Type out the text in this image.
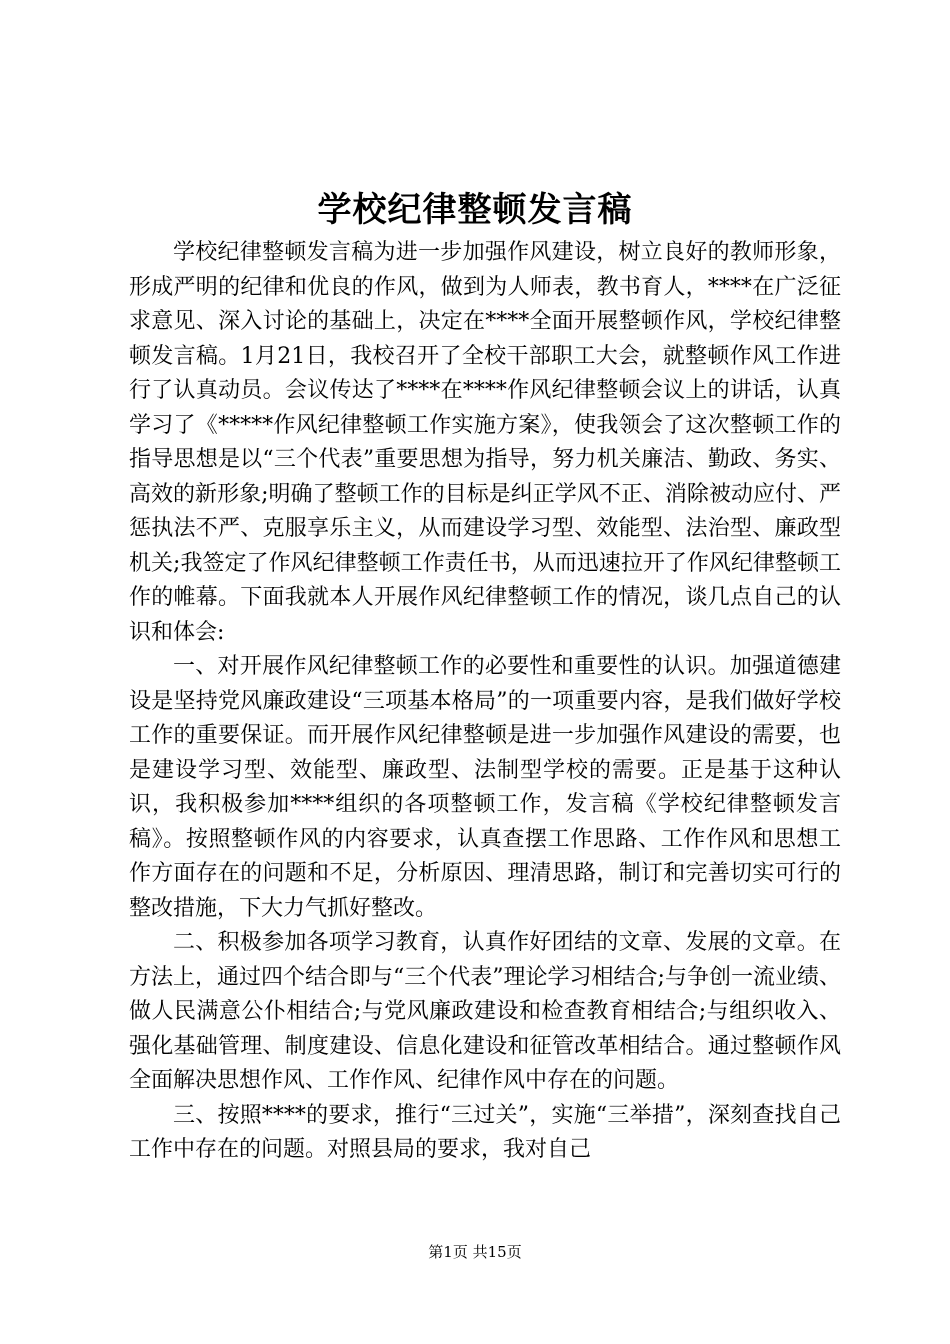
学校纪律整顿发言稿

学校纪律整顿发言稿为进一步加强作风建设，树立良好的教师形象，形成严明的纪律和优良的作风，做到为人师表，教书育人，****在广泛征求意见、深入讨论的基础上，决定在****全面开展整顿作风，学校纪律整顿发言稿。1月21日，我校召开了全校干部职工大会，就整顿作风工作进行了认真动员。会议传达了****在****作风纪律整顿会议上的讲话，认真学习了《*****作风纪律整顿工作实施方案》，使我领会了这次整顿工作的指导思想是以“三个代表”重要思想为指导，努力机关廉洁、勤政、务实、高效的新形象;明确了整顿工作的目标是纠正学风不正、消除被动应付、严惩执法不严、克服享乐主义，从而建设学习型、效能型、法治型、廉政型机关;我签定了作风纪律整顿工作责任书，从而迅速拉开了作风纪律整顿工作的帷幕。下面我就本人开展作风纪律整顿工作的情况，谈几点自己的认识和体会:

一、对开展作风纪律整顿工作的必要性和重要性的认识。加强道德建设是坚持党风廉政建设“三项基本格局”的一项重要内容，是我们做好学校工作的重要保证。而开展作风纪律整顿是进一步加强作风建设的需要，也是建设学习型、效能型、廉政型、法制型学校的需要。正是基于这种认识，我积极参加****组织的各项整顿工作，发言稿《学校纪律整顿发言稿》。按照整顿作风的内容要求，认真查摆工作思路、工作作风和思想工作方面存在的问题和不足，分析原因、理清思路，制订和完善切实可行的整改措施，下大力气抓好整改。

二、积极参加各项学习教育，认真作好团结的文章、发展的文章。在方法上，通过四个结合即与“三个代表”理论学习相结合;与争创一流业绩、做人民满意公仆相结合;与党风廉政建设和检查教育相结合;与组织收入、强化基础管理、制度建设、信息化建设和征管改革相结合。通过整顿作风全面解决思想作风、工作作风、纪律作风中存在的问题。

三、按照****的要求，推行“三过关”，实施“三举措”，深刻查找自己工作中存在的问题。对照县局的要求，我对自己

第1页 共15页
